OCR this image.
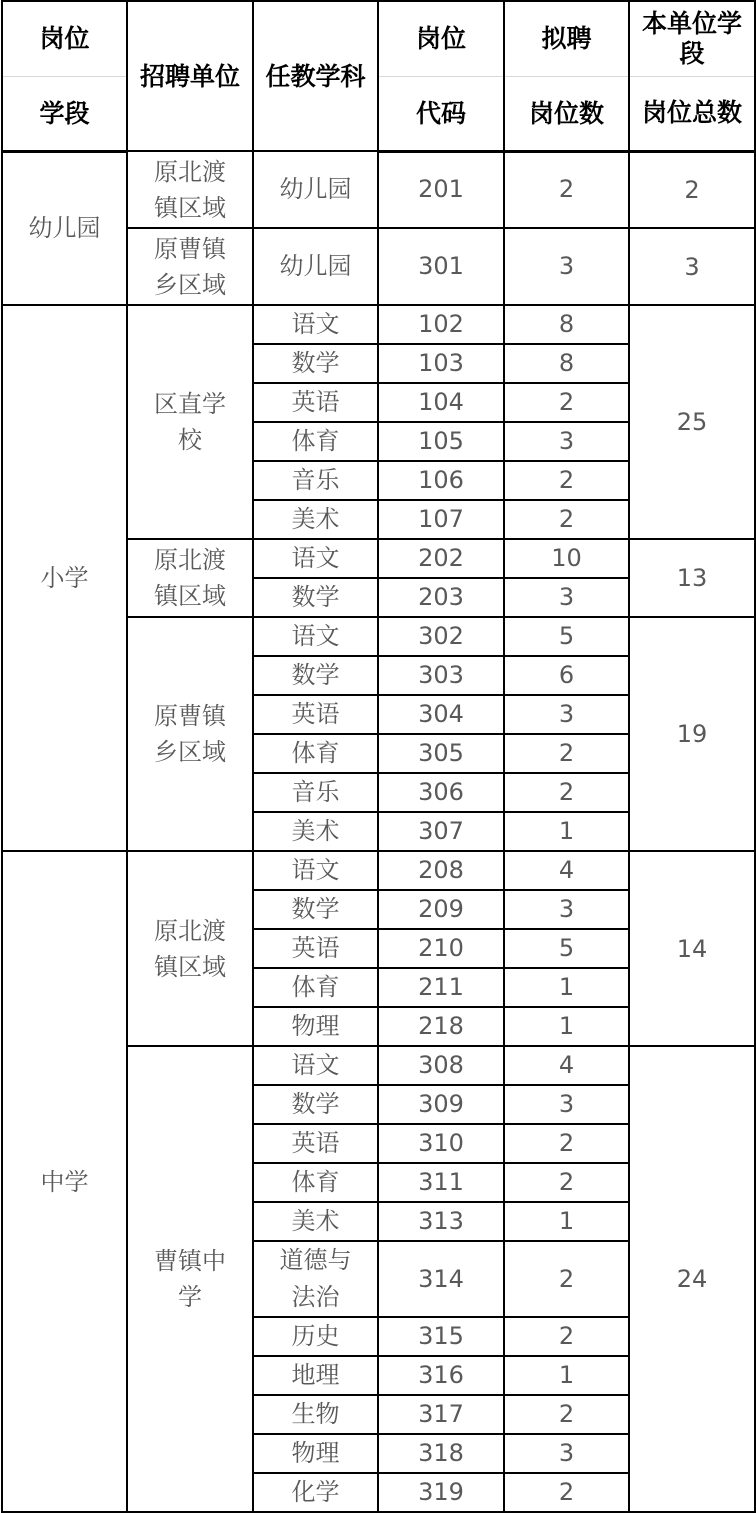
岗位	招聘单位	任教学科	岗位	拟聘	本单位学段
学段			代码	岗位数	岗位总数
幼儿园	原北渡镇区域	幼儿园	201	2	2
	原曹镇乡区域	幼儿园	301	3	3
小学	区直学校	语文	102	8	25
		数学	103	8	
		英语	104	2	
		体育	105	3	
		音乐	106	2	
		美术	107	2	
	原北渡镇区域	语文	202	10	13
		数学	203	3	
	原曹镇乡区域	语文	302	5	19
		数学	303	6	
		英语	304	3	
		体育	305	2	
		音乐	306	2	
		美术	307	1	
中学	原北渡镇区域	语文	208	4	14
		数学	209	3	
		英语	210	5	
		体育	211	1	
		物理	218	1	
	曹镇中学	语文	308	4	24
		数学	309	3	
		英语	310	2	
		体育	311	2	
		美术	313	1	
		道德与法治	314	2	
		历史	315	2	
		地理	316	1	
		生物	317	2	
		物理	318	3	
		化学	319	2	
